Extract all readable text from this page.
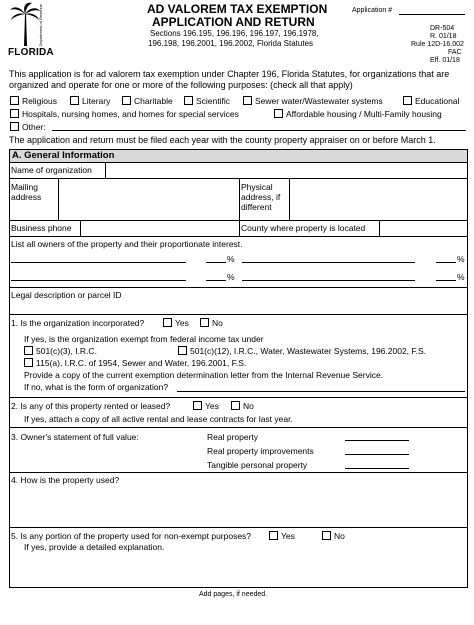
Department of Revenue
FLORIDA
AD VALOREM TAX EXEMPTION
APPLICATION AND RETURN
Sections 196.195, 196.196, 196.197, 196.1978,
196.198, 196.2001, 196.2002, Florida Statutes
Application #
DR-504
R. 01/18
Rule 12D-16.002
FAC
Eff. 01/18
This application is for ad valorem tax exemption under Chapter 196, Florida Statutes, for organizations that are organized and operate for one or more of the following purposes: (check all that apply)
Religious	Literary	Charitable	Scientific	Sewer water/Wastewater systems	Educational
Hospitals, nursing homes, and homes for special services	Affordable housing / Multi-Family housing
Other:
The application and return must be filed each year with the county property appraiser on or before March 1.
A. General Information
Name of organization
Mailing
address
Physical
address, if
different
Business phone	County where property is located
List all owners of the property and their proportionate interest.
%	%
%	%
Legal description or parcel ID
1. Is the organization incorporated?	Yes	No
If yes, is the organization exempt from federal income tax under
501(c)(3), I.R.C.	501(c)(12), I.R.C., Water, Wastewater Systems, 196.2002, F.S.
115(a), I.R.C. of 1954, Sewer and Water, 196.2001, F.S.
Provide a copy of the current exemption determination letter from the Internal Revenue Service.
If no, what is the form of organization?
2. Is any of this property rented or leased?	Yes	No
If yes, attach a copy of all active rental and lease contracts for last year.
3. Owner's statement of full value:	Real property
Real property improvements
Tangible personal property
4. How is the property used?
5. Is any portion of the property used for non-exempt purposes?	Yes	No
If yes, provide a detailed explanation.
Add pages, if needed.
